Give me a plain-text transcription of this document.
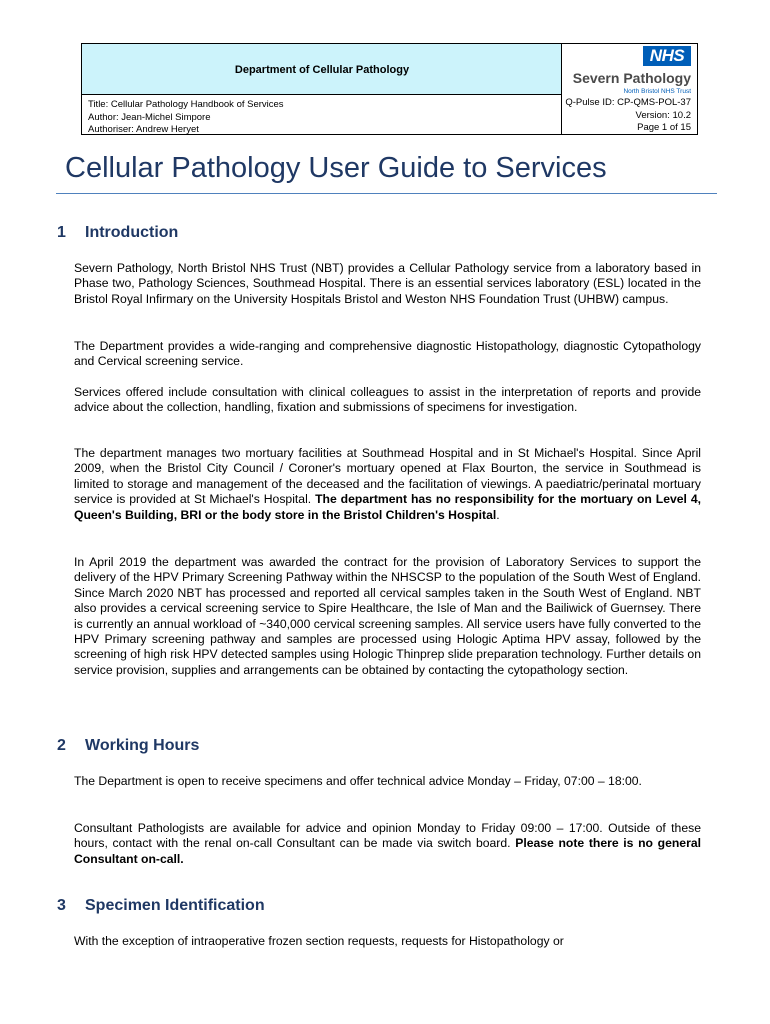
Department of Cellular Pathology
NHS
Severn Pathology
North Bristol NHS Trust
Title: Cellular Pathology Handbook of Services
Author: Jean-Michel Simpore
Authoriser: Andrew Heryet
Q-Pulse ID: CP-QMS-POL-37
Version: 10.2
Page 1 of 15
Cellular Pathology User Guide to Services
1 Introduction
Severn Pathology, North Bristol NHS Trust (NBT) provides a Cellular Pathology service from a laboratory based in Phase two, Pathology Sciences, Southmead Hospital. There is an essential services laboratory (ESL) located in the Bristol Royal Infirmary on the University Hospitals Bristol and Weston NHS Foundation Trust (UHBW) campus.
The Department provides a wide-ranging and comprehensive diagnostic Histopathology, diagnostic Cytopathology and Cervical screening service.
Services offered include consultation with clinical colleagues to assist in the interpretation of reports and provide advice about the collection, handling, fixation and submissions of specimens for investigation.
The department manages two mortuary facilities at Southmead Hospital and in St Michael's Hospital. Since April 2009, when the Bristol City Council / Coroner's mortuary opened at Flax Bourton, the service in Southmead is limited to storage and management of the deceased and the facilitation of viewings. A paediatric/perinatal mortuary service is provided at St Michael's Hospital. The department has no responsibility for the mortuary on Level 4, Queen's Building, BRI or the body store in the Bristol Children's Hospital.
In April 2019 the department was awarded the contract for the provision of Laboratory Services to support the delivery of the HPV Primary Screening Pathway within the NHSCSP to the population of the South West of England. Since March 2020 NBT has processed and reported all cervical samples taken in the South West of England. NBT also provides a cervical screening service to Spire Healthcare, the Isle of Man and the Bailiwick of Guernsey. There is currently an annual workload of ~340,000 cervical screening samples. All service users have fully converted to the HPV Primary screening pathway and samples are processed using Hologic Aptima HPV assay, followed by the screening of high risk HPV detected samples using Hologic Thinprep slide preparation technology. Further details on service provision, supplies and arrangements can be obtained by contacting the cytopathology section.
2 Working Hours
The Department is open to receive specimens and offer technical advice Monday – Friday, 07:00 – 18:00.
Consultant Pathologists are available for advice and opinion Monday to Friday 09:00 – 17:00. Outside of these hours, contact with the renal on-call Consultant can be made via switch board. Please note there is no general Consultant on-call.
3 Specimen Identification
With the exception of intraoperative frozen section requests, requests for Histopathology or
